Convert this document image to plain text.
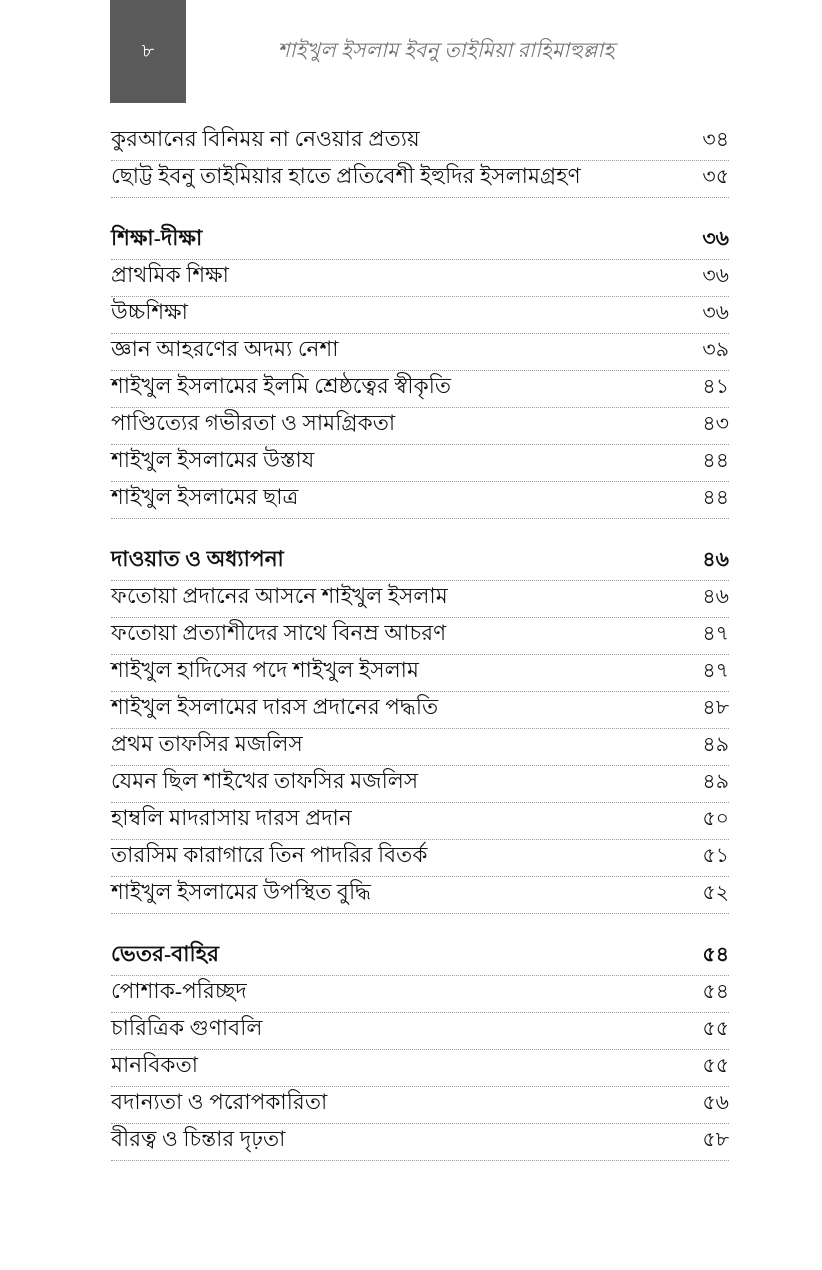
৮	শাইখুল ইসলাম ইবনু তাইমিয়া রাহিমাহুল্লাহ
কুরআনের বিনিময় না নেওয়ার প্রত্যয়	৩৪
ছোট্ট ইবনু তাইমিয়ার হাতে প্রতিবেশী ইহুদির ইসলামগ্রহণ	৩৫
শিক্ষা-দীক্ষা	৩৬
প্রাথমিক শিক্ষা	৩৬
উচ্চশিক্ষা	৩৬
জ্ঞান আহরণের অদম্য নেশা	৩৯
শাইখুল ইসলামের ইলমি শ্রেষ্ঠত্বের স্বীকৃতি	৪১
পাণ্ডিত্যের গভীরতা ও সামগ্রিকতা	৪৩
শাইখুল ইসলামের উস্তায	৪৪
শাইখুল ইসলামের ছাত্র	৪৪
দাওয়াত ও অধ্যাপনা	৪৬
ফতোয়া প্রদানের আসনে শাইখুল ইসলাম	৪৬
ফতোয়া প্রত্যাশীদের সাথে বিনম্র আচরণ	৪৭
শাইখুল হাদিসের পদে শাইখুল ইসলাম	৪৭
শাইখুল ইসলামের দারস প্রদানের পদ্ধতি	৪৮
প্রথম তাফসির মজলিস	৪৯
যেমন ছিল শাইখের তাফসির মজলিস	৪৯
হাম্বলি মাদরাসায় দারস প্রদান	৫০
তারসিম কারাগারে তিন পাদরির বিতর্ক	৫১
শাইখুল ইসলামের উপস্থিত বুদ্ধি	৫২
ভেতর-বাহির	৫৪
পোশাক-পরিচ্ছদ	৫৪
চারিত্রিক গুণাবলি	৫৫
মানবিকতা	৫৫
বদান্যতা ও পরোপকারিতা	৫৬
বীরত্ব ও চিন্তার দৃঢ়তা	৫৮
